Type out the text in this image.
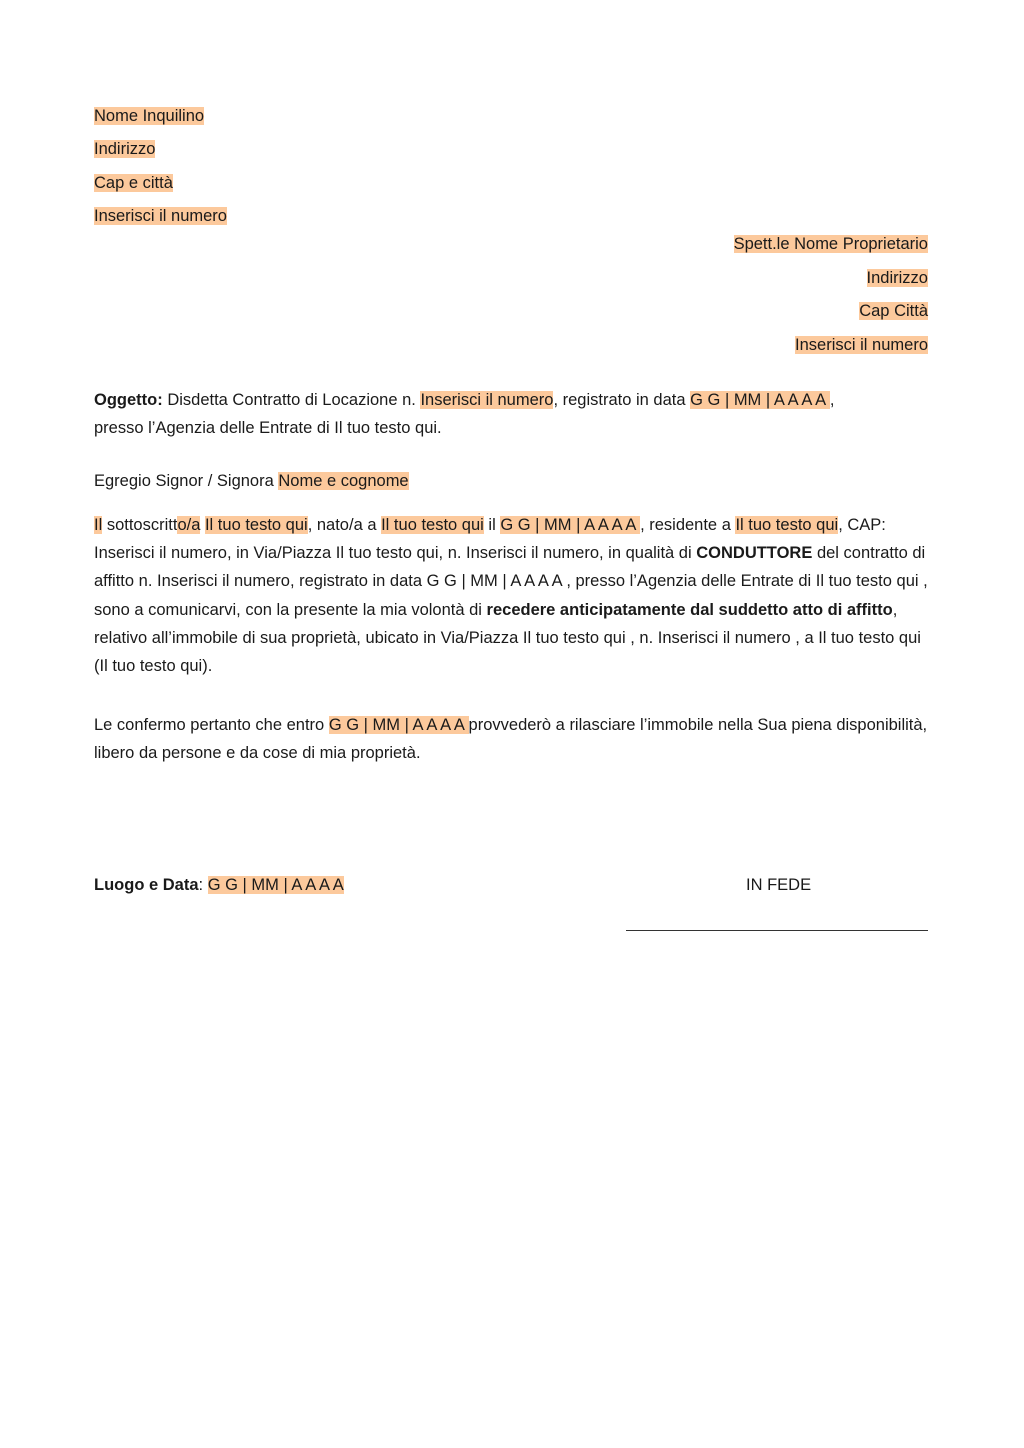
Nome Inquilino
Indirizzo
Cap e città
Inserisci il numero
Spett.le Nome Proprietario
Indirizzo
Cap Città
Inserisci il numero
Oggetto: Disdetta Contratto di Locazione n. Inserisci il numero, registrato in data G G | MM | A A A A ,
presso l’Agenzia delle Entrate di Il tuo testo qui.
Egregio Signor / Signora Nome e cognome
Il sottoscritto/a Il tuo testo qui, nato/a a Il tuo testo qui il G G | MM | A A A A , residente a Il tuo testo qui, CAP: Inserisci il numero, in Via/Piazza Il tuo testo qui, n. Inserisci il numero, in qualità di CONDUTTORE del contratto di affitto n. Inserisci il numero, registrato in data G G | MM | A A A A , presso l’Agenzia delle Entrate di Il tuo testo qui , sono a comunicarvi, con la presente la mia volontà di recedere anticipatamente dal suddetto atto di affitto, relativo all’immobile di sua proprietà, ubicato in Via/Piazza Il tuo testo qui , n. Inserisci il numero , a Il tuo testo qui (Il tuo testo qui).
Le confermo pertanto che entro G G | MM | A A A A provvederò a rilasciare l’immobile nella Sua piena disponibilità, libero da persone e da cose di mia proprietà.
Luogo e Data: G G | MM | A A A A	IN FEDE
